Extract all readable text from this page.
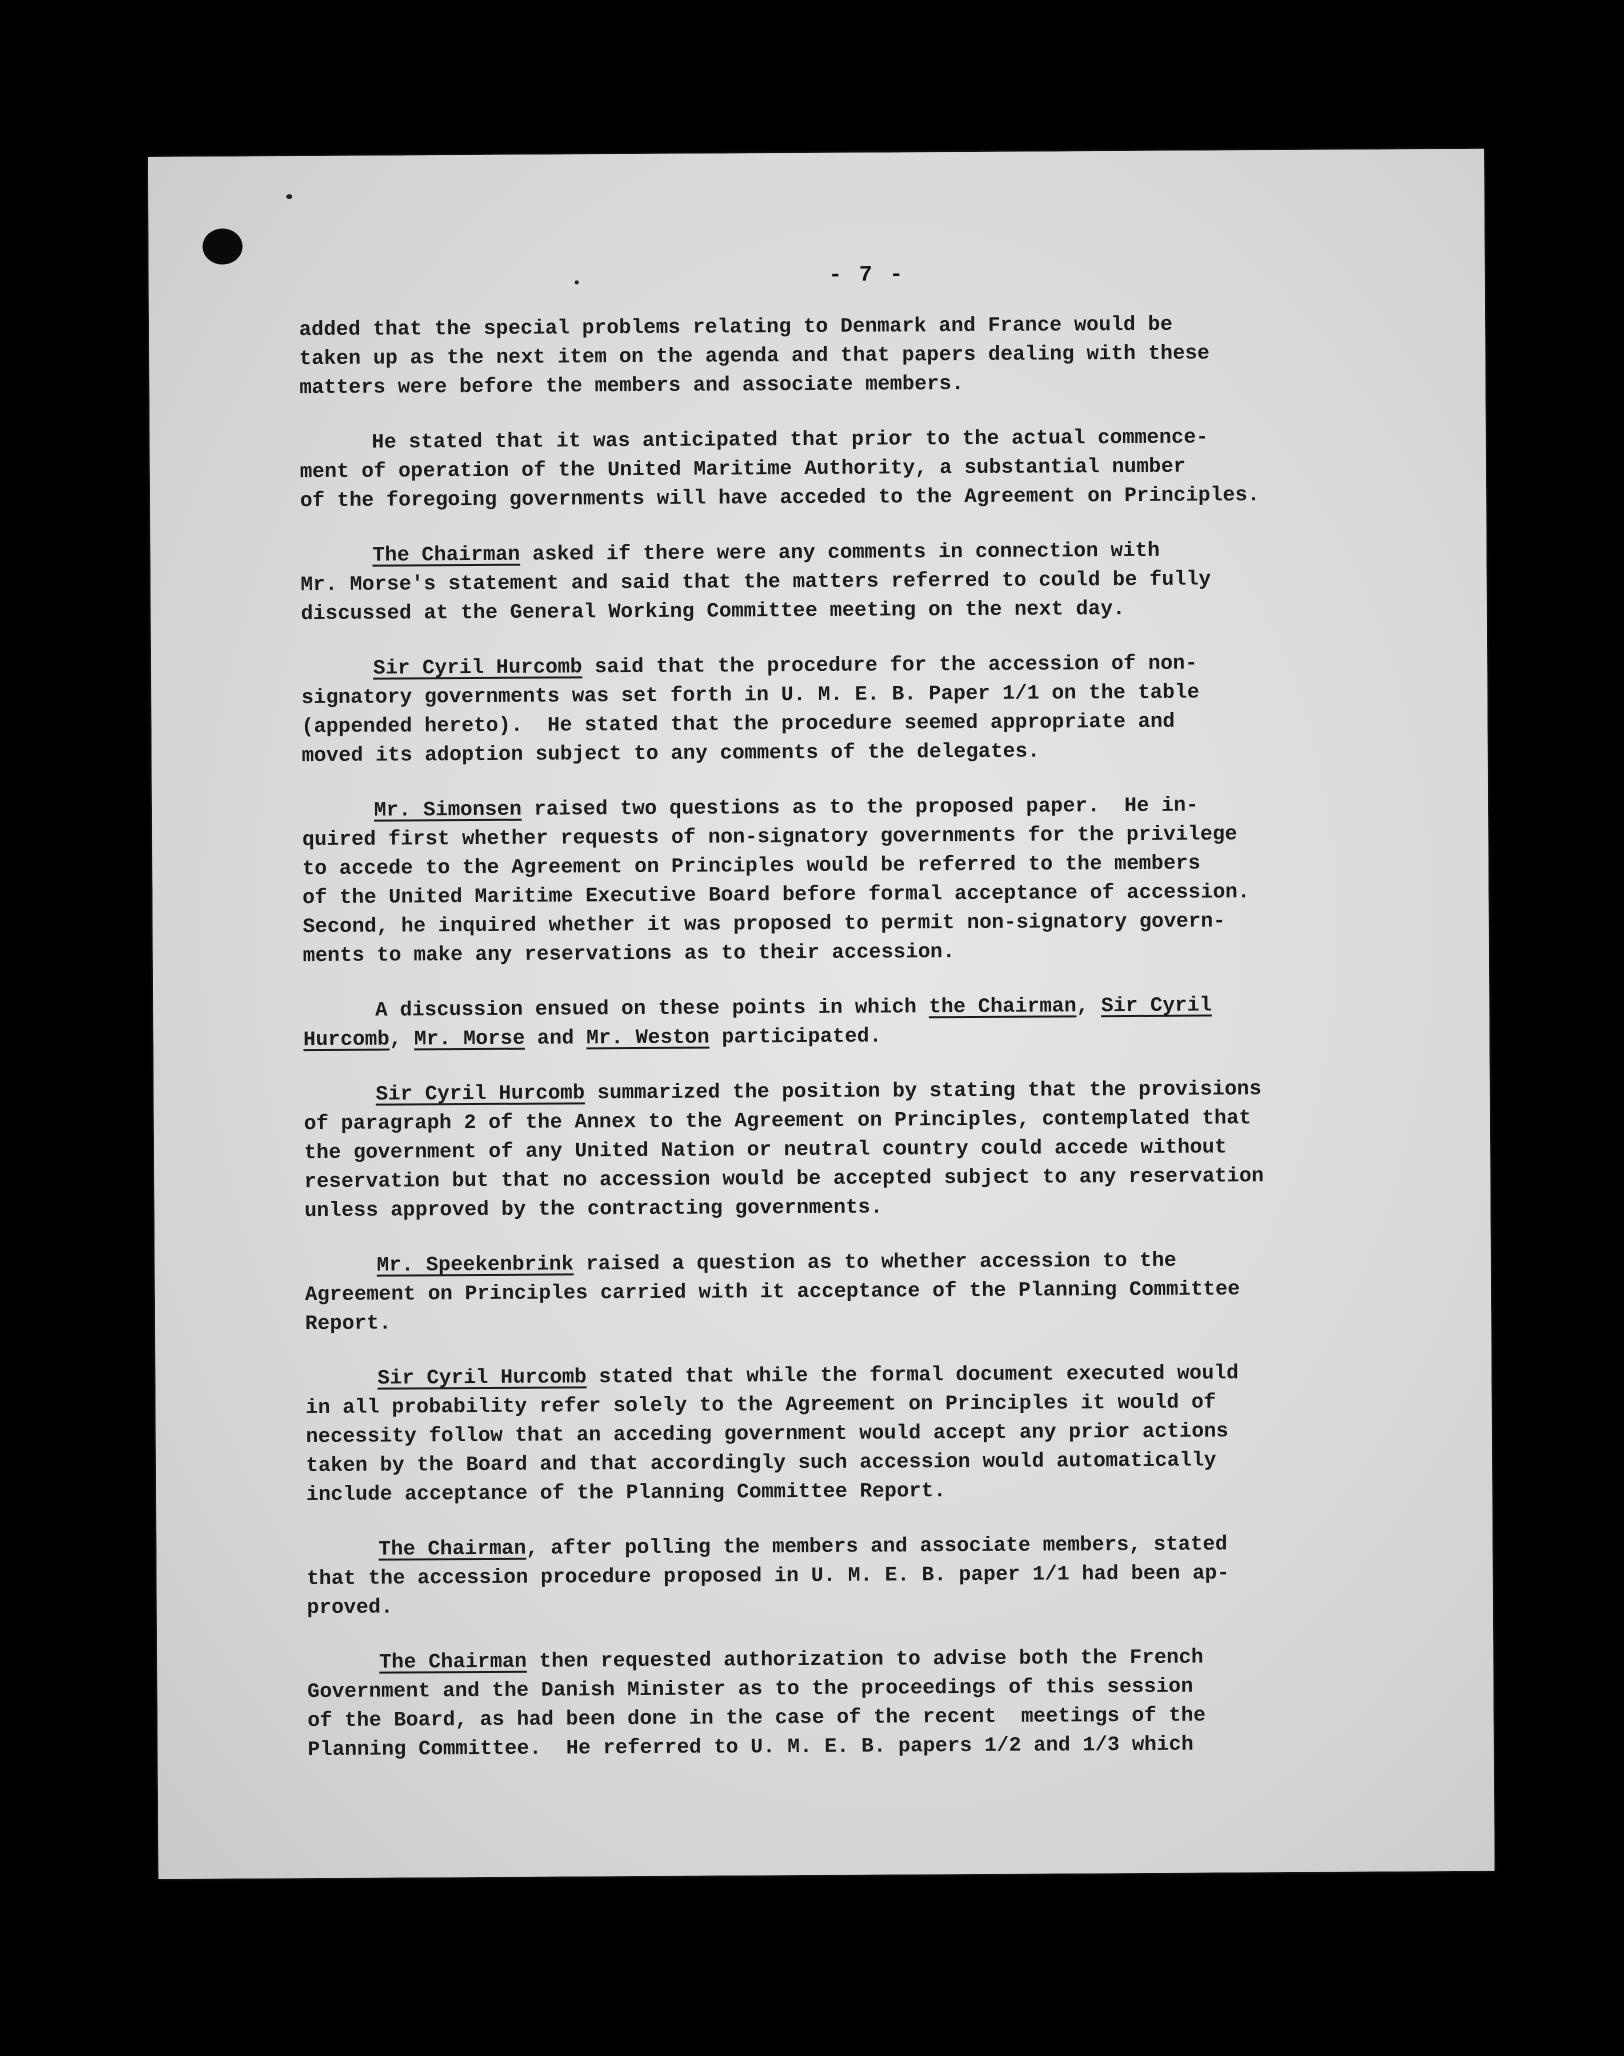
- 7 -
added that the special problems relating to Denmark and France would be
taken up as the next item on the agenda and that papers dealing with these
matters were before the members and associate members.
He stated that it was anticipated that prior to the actual commence-
ment of operation of the United Maritime Authority, a substantial number
of the foregoing governments will have acceded to the Agreement on Principles.
The Chairman asked if there were any comments in connection with
Mr. Morse's statement and said that the matters referred to could be fully
discussed at the General Working Committee meeting on the next day.
Sir Cyril Hurcomb said that the procedure for the accession of non-
signatory governments was set forth in U. M. E. B. Paper 1/1 on the table
(appended hereto).  He stated that the procedure seemed appropriate and
moved its adoption subject to any comments of the delegates.
Mr. Simonsen raised two questions as to the proposed paper.  He in-
quired first whether requests of non-signatory governments for the privilege
to accede to the Agreement on Principles would be referred to the members
of the United Maritime Executive Board before formal acceptance of accession.
Second, he inquired whether it was proposed to permit non-signatory govern-
ments to make any reservations as to their accession.
A discussion ensued on these points in which the Chairman, Sir Cyril
Hurcomb, Mr. Morse and Mr. Weston participated.
Sir Cyril Hurcomb summarized the position by stating that the provisions
of paragraph 2 of the Annex to the Agreement on Principles, contemplated that
the government of any United Nation or neutral country could accede without
reservation but that no accession would be accepted subject to any reservation
unless approved by the contracting governments.
Mr. Speekenbrink raised a question as to whether accession to the
Agreement on Principles carried with it acceptance of the Planning Committee
Report.
Sir Cyril Hurcomb stated that while the formal document executed would
in all probability refer solely to the Agreement on Principles it would of
necessity follow that an acceding government would accept any prior actions
taken by the Board and that accordingly such accession would automatically
include acceptance of the Planning Committee Report.
The Chairman, after polling the members and associate members, stated
that the accession procedure proposed in U. M. E. B. paper 1/1 had been ap-
proved.
The Chairman then requested authorization to advise both the French
Government and the Danish Minister as to the proceedings of this session
of the Board, as had been done in the case of the recent  meetings of the
Planning Committee.  He referred to U. M. E. B. papers 1/2 and 1/3 which
